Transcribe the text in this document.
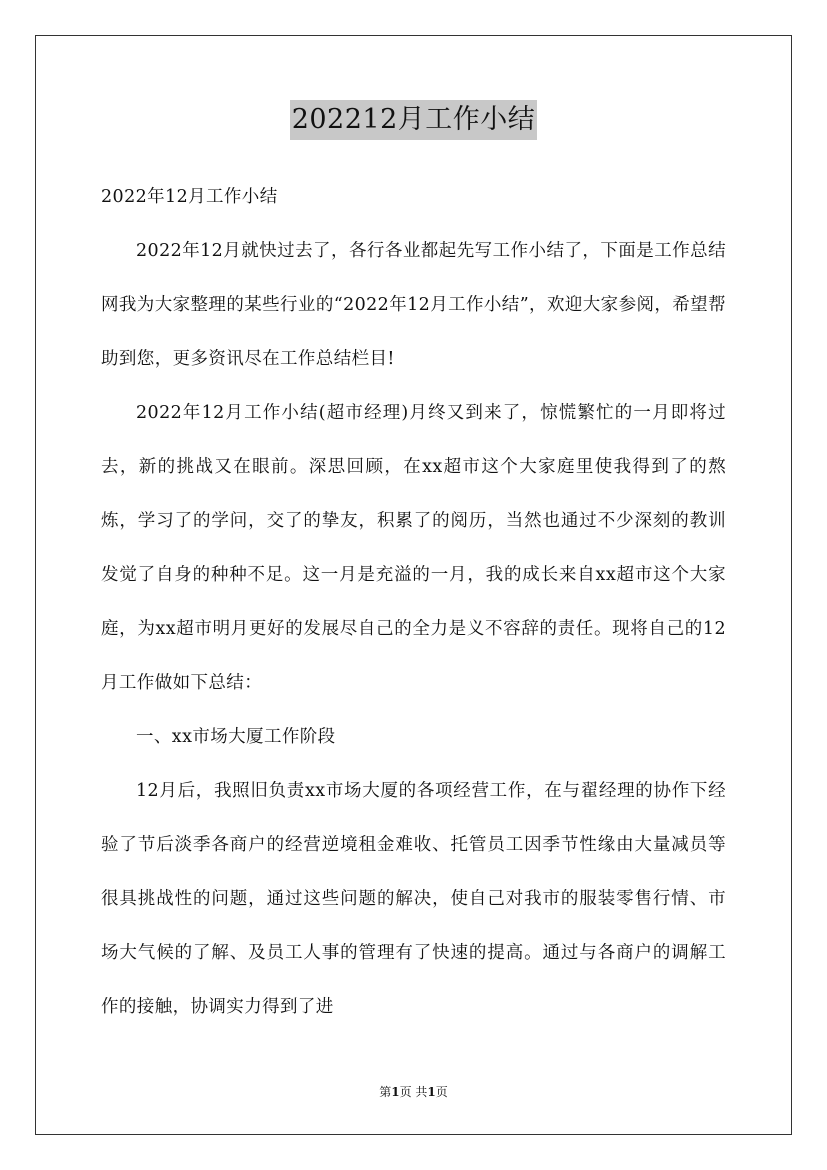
202212月工作小结

2022年12月工作小结

2022年12月就快过去了，各行各业都起先写工作小结了，下面是工作总结网我为大家整理的某些行业的“2022年12月工作小结”，欢迎大家参阅，希望帮助到您，更多资讯尽在工作总结栏目!

2022年12月工作小结(超市经理)月终又到来了，惊慌繁忙的一月即将过去，新的挑战又在眼前。深思回顾，在xx超市这个大家庭里使我得到了的熬炼，学习了的学问，交了的挚友，积累了的阅历，当然也通过不少深刻的教训发觉了自身的种种不足。这一月是充溢的一月，我的成长来自xx超市这个大家庭，为xx超市明月更好的发展尽自己的全力是义不容辞的责任。现将自己的12月工作做如下总结：

一、xx市场大厦工作阶段

12月后，我照旧负责xx市场大厦的各项经营工作，在与翟经理的协作下经验了节后淡季各商户的经营逆境租金难收、托管员工因季节性缘由大量减员等很具挑战性的问题，通过这些问题的解决，使自己对我市的服装零售行情、市场大气候的了解、及员工人事的管理有了快速的提高。通过与各商户的调解工作的接触，协调实力得到了进

第1页 共1页
